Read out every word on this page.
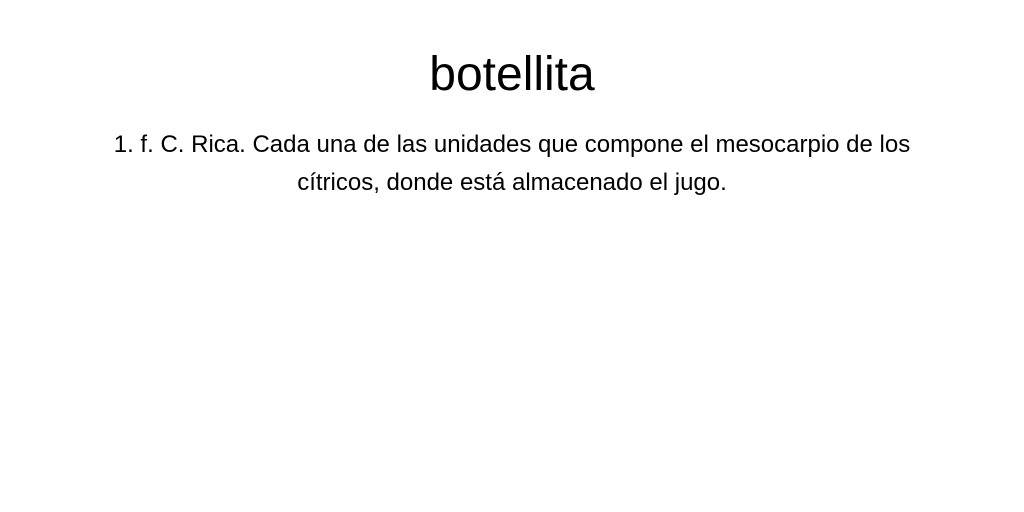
botellita

1. f. C. Rica. Cada una de las unidades que compone el mesocarpio de los cítricos, donde está almacenado el jugo.
